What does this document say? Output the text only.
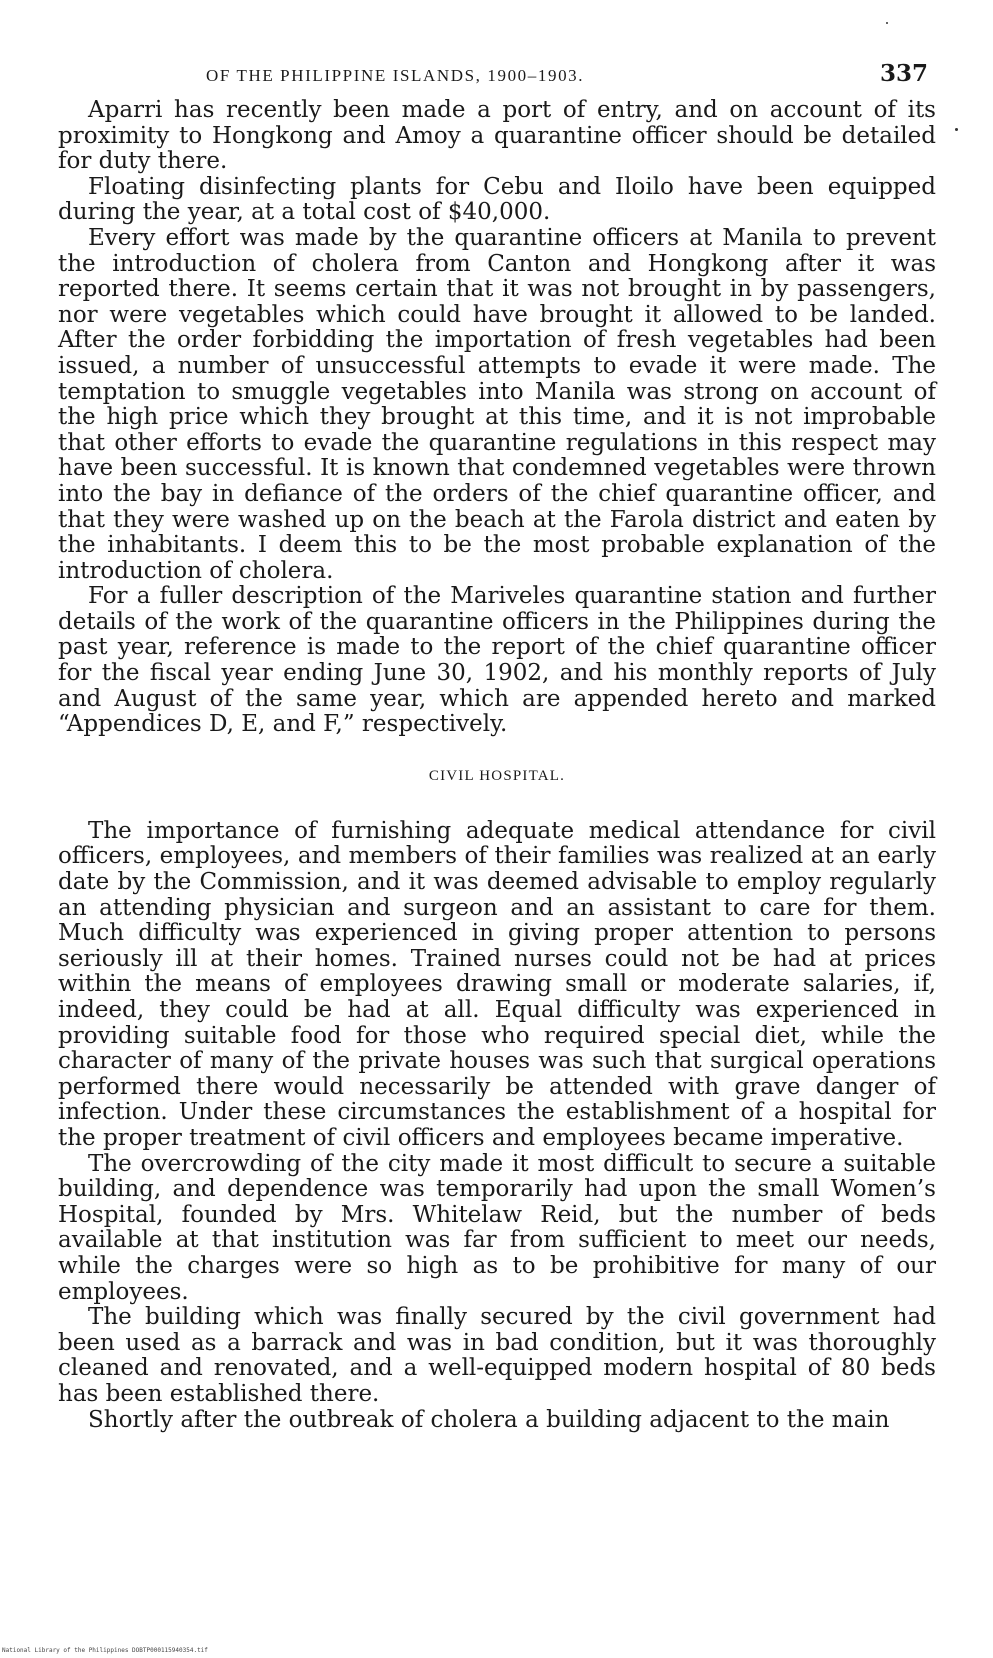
OF THE PHILIPPINE ISLANDS, 1900–1903.	337

Aparri has recently been made a port of entry, and on account of its proximity to Hongkong and Amoy a quarantine officer should be detailed for duty there.

Floating disinfecting plants for Cebu and Iloilo have been equipped during the year, at a total cost of $40,000.

Every effort was made by the quarantine officers at Manila to prevent the introduction of cholera from Canton and Hongkong after it was reported there. It seems certain that it was not brought in by passengers, nor were vegetables which could have brought it allowed to be landed. After the order forbidding the importation of fresh vegetables had been issued, a number of unsuccessful attempts to evade it were made. The temptation to smuggle vegetables into Manila was strong on account of the high price which they brought at this time, and it is not improbable that other efforts to evade the quarantine regulations in this respect may have been successful. It is known that condemned vegetables were thrown into the bay in defiance of the orders of the chief quarantine officer, and that they were washed up on the beach at the Farola district and eaten by the inhabitants. I deem this to be the most probable explanation of the introduction of cholera.

For a fuller description of the Mariveles quarantine station and further details of the work of the quarantine officers in the Philippines during the past year, reference is made to the report of the chief quarantine officer for the fiscal year ending June 30, 1902, and his monthly reports of July and August of the same year, which are appended hereto and marked “Appendices D, E, and F,” respectively.

CIVIL HOSPITAL.

The importance of furnishing adequate medical attendance for civil officers, employees, and members of their families was realized at an early date by the Commission, and it was deemed advisable to employ regularly an attending physician and surgeon and an assistant to care for them. Much difficulty was experienced in giving proper attention to persons seriously ill at their homes. Trained nurses could not be had at prices within the means of employees drawing small or moderate salaries, if, indeed, they could be had at all. Equal difficulty was experienced in providing suitable food for those who required special diet, while the character of many of the private houses was such that surgical operations performed there would necessarily be attended with grave danger of infection. Under these circumstances the establishment of a hospital for the proper treatment of civil officers and employees became imperative.

The overcrowding of the city made it most difficult to secure a suitable building, and dependence was temporarily had upon the small Women’s Hospital, founded by Mrs. Whitelaw Reid, but the number of beds available at that institution was far from sufficient to meet our needs, while the charges were so high as to be prohibitive for many of our employees.

The building which was finally secured by the civil government had been used as a barrack and was in bad condition, but it was thoroughly cleaned and renovated, and a well-equipped modern hospital of 80 beds has been established there.

Shortly after the outbreak of cholera a building adjacent to the main

National Library of the Philippines DOBTP000115940354.tif
